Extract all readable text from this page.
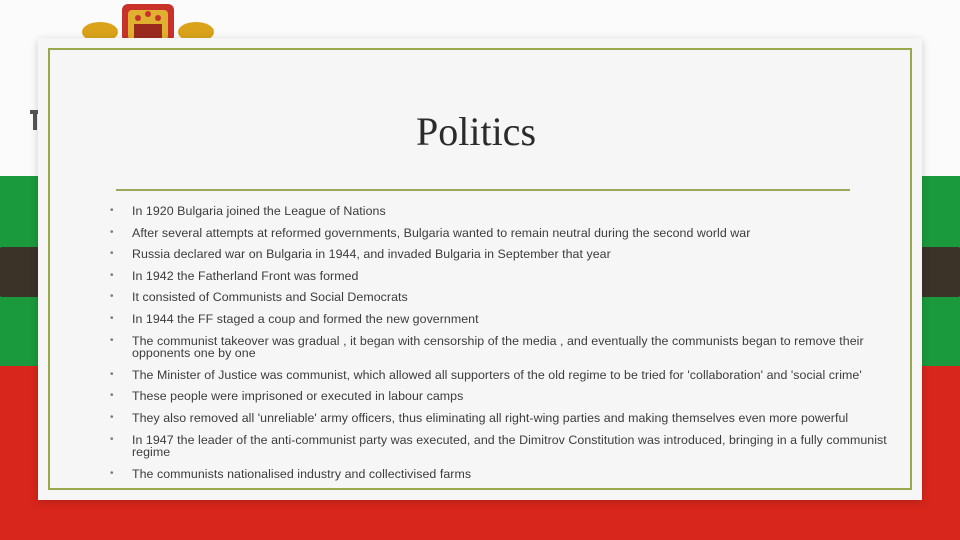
Politics
• In 1920 Bulgaria joined the League of Nations
• After several attempts at reformed governments, Bulgaria wanted to remain neutral during the second world war
• Russia declared war on Bulgaria in 1944, and invaded Bulgaria in September that year
• In 1942 the Fatherland Front was formed
• It consisted of Communists and Social Democrats
• In 1944 the FF staged a coup and formed the new government
• The communist takeover was gradual , it began with censorship of the media , and eventually the communists began to remove their opponents one by one
• The Minister of Justice was communist, which allowed all supporters of the old regime to be tried for 'collaboration' and 'social crime'
• These people were imprisoned or executed in labour camps
• They also removed all 'unreliable' army officers, thus eliminating all right-wing parties and making themselves even more powerful
• In 1947 the leader of the anti-communist party was executed, and the Dimitrov Constitution was introduced, bringing in a fully communist regime
• The communists nationalised industry and collectivised farms
